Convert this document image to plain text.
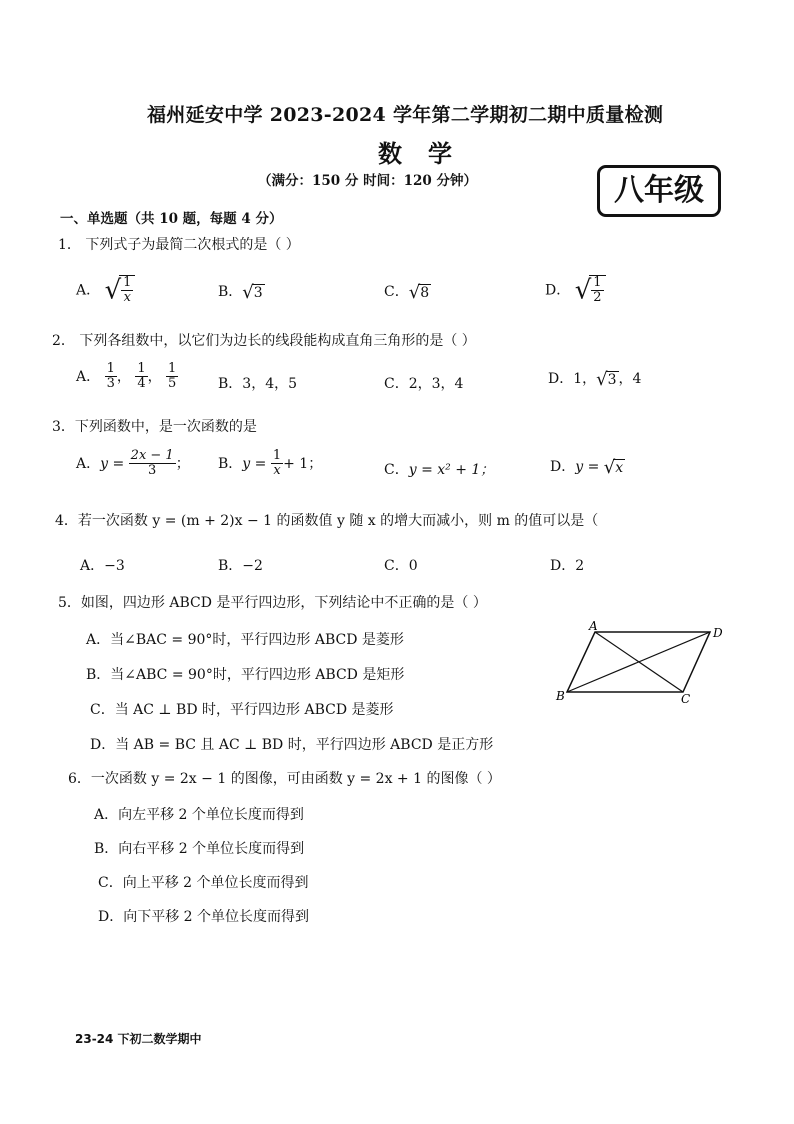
福州延安中学 2023-2024 学年第二学期初二期中质量检测
数学
（满分：150 分 时间：120 分钟）	八年级
一、单选题（共 10 题，每题 4 分）
1． 下列式子为最简二次根式的是（ ）
A． √ $\frac{1}{x}$	B．√3	C．√8	D． √ $\frac{1}{2}$
2． 下列各组数中，以它们为边长的线段能构成直角三角形的是（ ）
A． $\frac{1}{3}$ ， $\frac{1}{4}$ ， $\frac{1}{5}$	B．3，4，5	C．2，3，4	D．1，√3 ，4
3．下列函数中，是一次函数的是
A．$y = \frac{2x - 1}{3}$ ； B．$y = \frac{1}{x} + 1$；	C．y = x² + 1；	D．y = √x
4．若一次函数 y = (m + 2)x − 1 的函数值 y 随 x 的增大而减小，则 m 的值可以是（
A．−3	B．−2	C．0	D．2
5．如图，四边形 ABCD 是平行四边形，下列结论中不正确的是（ ）
A．当∠BAC = 90°时，平行四边形 ABCD 是菱形
B．当∠ABC = 90°时，平行四边形 ABCD 是矩形
C．当 AC ⊥ BD 时，平行四边形 ABCD 是菱形
D．当 AB = BC 且 AC ⊥ BD 时，平行四边形 ABCD 是正方形
A	D
B	C
6．一次函数 y = 2x − 1 的图像，可由函数 y = 2x + 1 的图像（ ）
A．向左平移 2 个单位长度而得到
B．向右平移 2 个单位长度而得到
C．向上平移 2 个单位长度而得到
D．向下平移 2 个单位长度而得到
23-24 下初二数学期中
